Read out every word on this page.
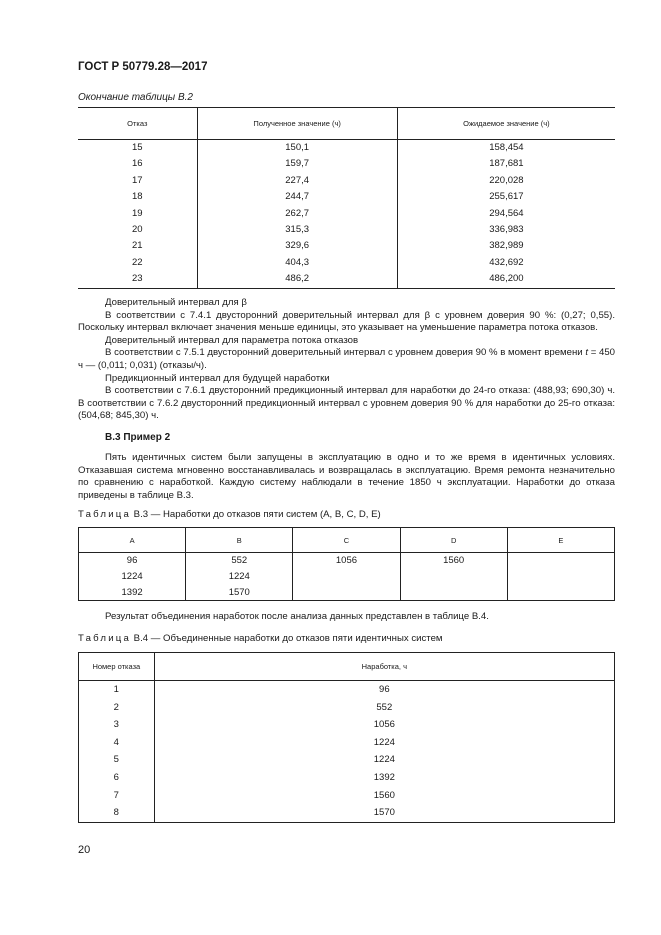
ГОСТ Р 50779.28—2017
Окончание таблицы В.2
Отказ	Полученное значение (ч)	Ожидаемое значение (ч)
15	150,1	158,454
16	159,7	187,681
17	227,4	220,028
18	244,7	255,617
19	262,7	294,564
20	315,3	336,983
21	329,6	382,989
22	404,3	432,692
23	486,2	486,200

Доверительный интервал для β

В соответствии с 7.4.1 двусторонний доверительный интервал для β с уровнем доверия 90 %: (0,27; 0,55). Поскольку интервал включает значения меньше единицы, это указывает на уменьшение параметра потока отказов.

Доверительный интервал для параметра потока отказов

В соответствии с 7.5.1 двусторонний доверительный интервал с уровнем доверия 90 % в момент времени t = 450 ч — (0,011; 0,031) (отказы/ч).

Предикционный интервал для будущей наработки

В соответствии с 7.6.1 двусторонний предикционный интервал для наработки до 24-го отказа: (488,93; 690,30) ч. В соответствии с 7.6.2 двусторонний предикционный интервал с уровнем доверия 90 % для наработки до 25-го отказа: (504,68; 845,30) ч.

В.3 Пример 2

Пять идентичных систем были запущены в эксплуатацию в одно и то же время в идентичных условиях. Отказавшая система мгновенно восстанавливалась и возвращалась в эксплуатацию. Время ремонта незначительно по сравнению с наработкой. Каждую систему наблюдали в течение 1850 ч эксплуатации. Наработки до отказа приведены в таблице В.3.

Таблица В.3 — Наработки до отказов пяти систем (A, B, C, D, E)
A	B	C	D	E
96	552	1056	1560	
1224	1224			
1392	1570			
Результат объединения наработок после анализа данных представлен в таблице В.4.
Таблица В.4 — Объединенные наработки до отказов пяти идентичных систем
Номер отказа	Наработка, ч
1	96
2	552
3	1056
4	1224
5	1224
6	1392
7	1560
8	1570
20
